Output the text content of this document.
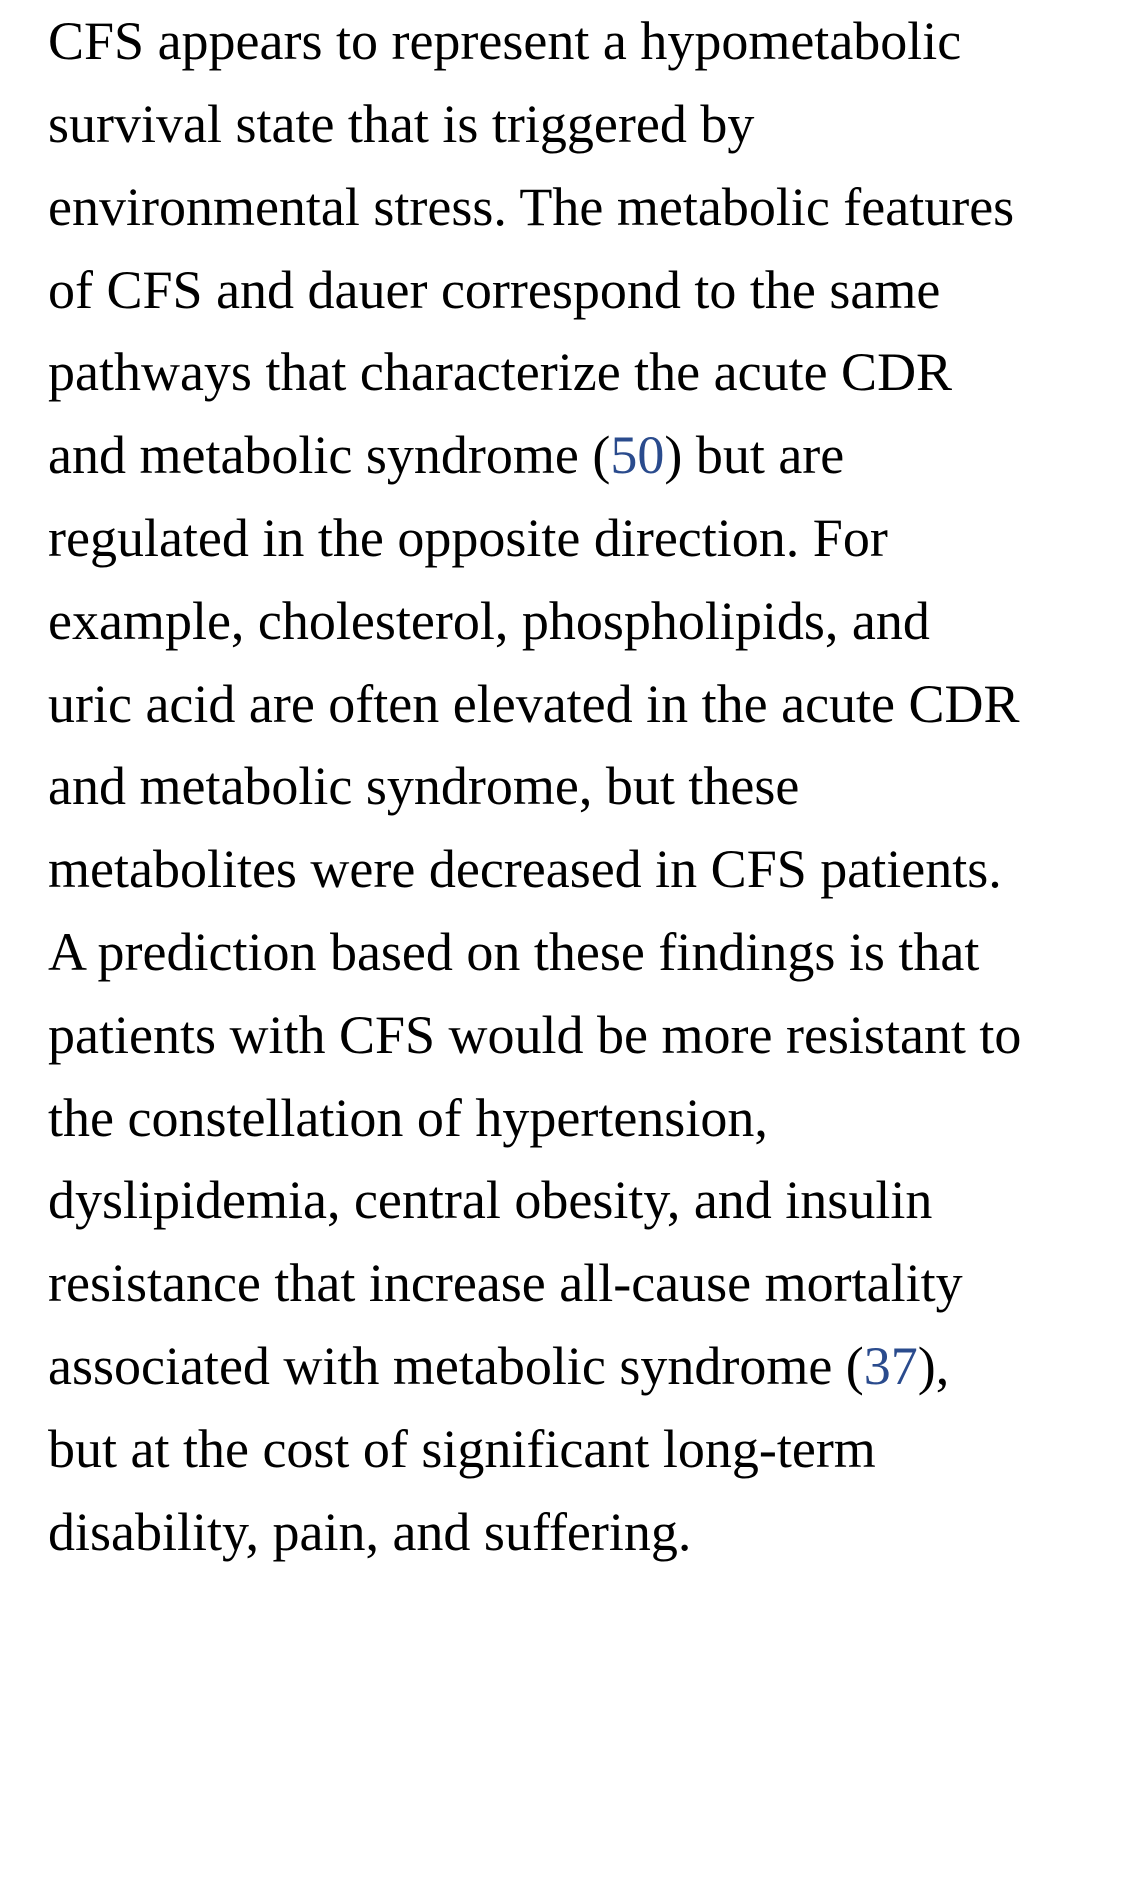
CFS appears to represent a hypometabolic
survival state that is triggered by
environmental stress. The metabolic features
of CFS and dauer correspond to the same
pathways that characterize the acute CDR
and metabolic syndrome (50) but are
regulated in the opposite direction. For
example, cholesterol, phospholipids, and
uric acid are often elevated in the acute CDR
and metabolic syndrome, but these
metabolites were decreased in CFS patients.
A prediction based on these findings is that
patients with CFS would be more resistant to
the constellation of hypertension,
dyslipidemia, central obesity, and insulin
resistance that increase all-cause mortality
associated with metabolic syndrome (37),
but at the cost of significant long-term
disability, pain, and suffering.
